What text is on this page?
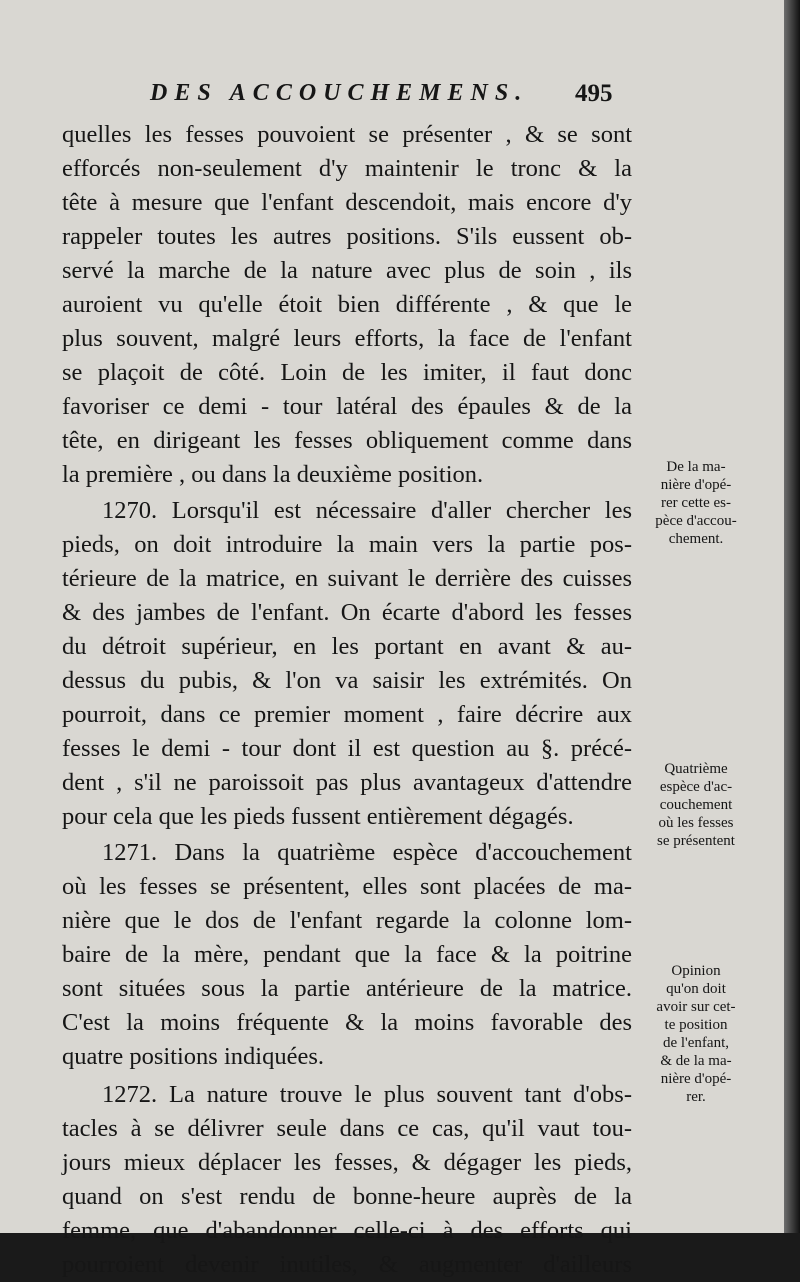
DES ACCOUCHEMENS. 495
quelles les fesses pouvoient se présenter , & se sont
efforcés non-seulement d'y maintenir le tronc & la
tête à mesure que l'enfant descendoit, mais encore d'y
rappeler toutes les autres positions. S'ils eussent ob-
servé la marche de la nature avec plus de soin , ils
auroient vu qu'elle étoit bien différente , & que le
plus souvent, malgré leurs efforts, la face de l'enfant
se plaçoit de côté. Loin de les imiter, il faut donc
favoriser ce demi - tour latéral des épaules & de la
tête, en dirigeant les fesses obliquement comme dans
la première , ou dans la deuxième position.
1270. Lorsqu'il est nécessaire d'aller chercher les
pieds, on doit introduire la main vers la partie pos-
térieure de la matrice, en suivant le derrière des cuisses
& des jambes de l'enfant. On écarte d'abord les fesses
du détroit supérieur, en les portant en avant & au-
dessus du pubis, & l'on va saisir les extrémités. On
pourroit, dans ce premier moment , faire décrire aux
fesses le demi - tour dont il est question au §. précé-
dent , s'il ne paroissoit pas plus avantageux d'attendre
pour cela que les pieds fussent entièrement dégagés.
1271. Dans la quatrième espèce d'accouchement
où les fesses se présentent, elles sont placées de ma-
nière que le dos de l'enfant regarde la colonne lom-
baire de la mère, pendant que la face & la poitrine
sont situées sous la partie antérieure de la matrice.
C'est la moins fréquente & la moins favorable des
quatre positions indiquées.
1272. La nature trouve le plus souvent tant d'obs-
tacles à se délivrer seule dans ce cas, qu'il vaut tou-
jours mieux déplacer les fesses, & dégager les pieds,
quand on s'est rendu de bonne-heure auprès de la
femme, que d'abandonner celle-ci à des efforts qui
pourroient devenir inutiles, & augmenter d'ailleurs
De la ma-
nière d'opé-
rer cette es-
pèce d'accou-
chement.
Quatrième
espèce d'ac-
couchement
où les fesses
se présentent
Opinion
qu'on doit
avoir sur cet-
te position
de l'enfant,
& de la ma-
nière d'opé-
rer.
